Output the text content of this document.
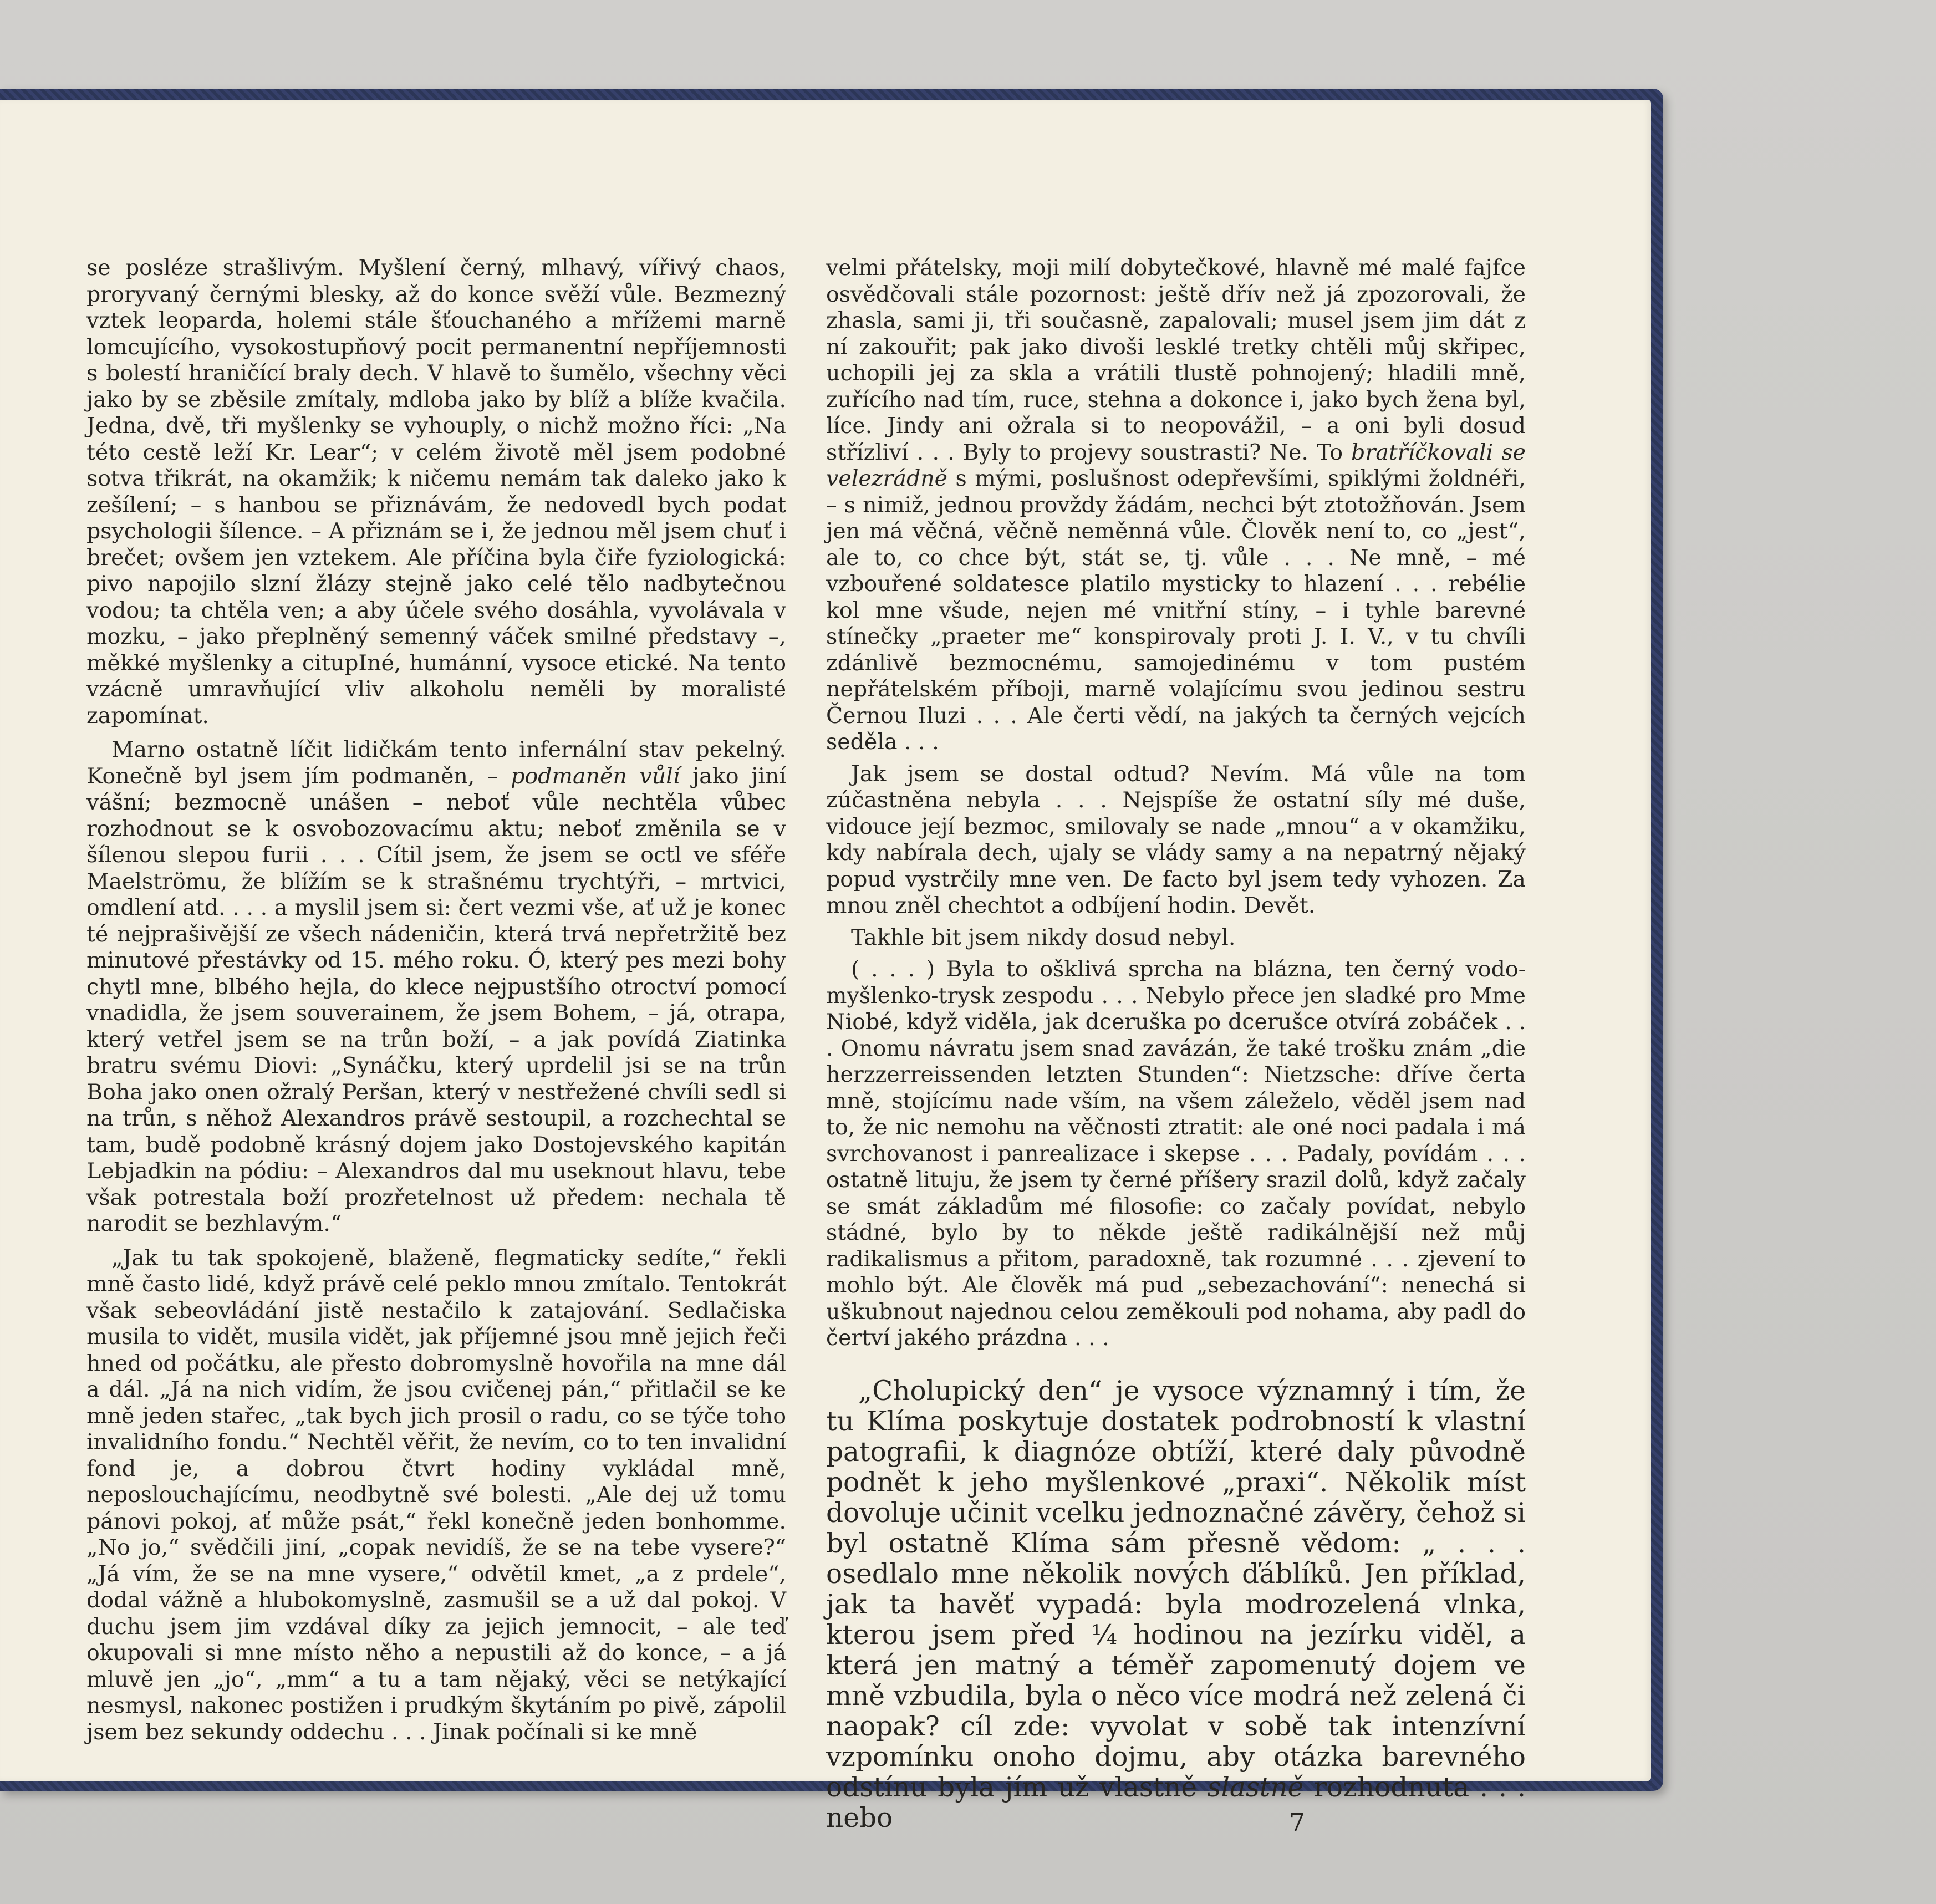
se posléze strašlivým. Myšlení černý, mlhavý, vířivý chaos, proryvaný černými blesky, až do konce svěží vůle. Bezmezný vztek leoparda, holemi stále šťouchaného a mřížemi marně lomcujícího, vysokostupňový pocit permanentní nepříjemnosti s bolestí hraničící braly dech. V hlavě to šumělo, všechny věci jako by se zběsile zmítaly, mdloba jako by blíž a blíže kvačila. Jedna, dvě, tři myšlenky se vyhouply, o nichž možno říci: „Na této cestě leží Kr. Lear“; v celém životě měl jsem podobné sotva třikrát, na okamžik; k ničemu nemám tak daleko jako k zešílení; – s hanbou se přiznávám, že nedovedl bych podat psychologii šílence. – A přiznám se i, že jednou měl jsem chuť i brečet; ovšem jen vztekem. Ale příčina byla čiře fyziologická: pivo napojilo slzní žlázy stejně jako celé tělo nadbytečnou vodou; ta chtěla ven; a aby účele svého dosáhla, vyvolávala v mozku, – jako přeplněný semenný váček smilné představy –, měkké myšlenky a citupIné, humánní, vysoce etické. Na tento vzácně umravňující vliv alkoholu neměli by moralisté zapomínat.

Marno ostatně líčit lidičkám tento infernální stav pekelný. Konečně byl jsem jím podmaněn, – podmaněn vůlí jako jiní vášní; bezmocně unášen – neboť vůle nechtěla vůbec rozhodnout se k osvobozovacímu aktu; neboť změnila se v šílenou slepou furii . . . Cítil jsem, že jsem se octl ve sféře Maelströmu, že blížím se k strašnému trychtýři, – mrtvici, omdlení atd. . . . a myslil jsem si: čert vezmi vše, ať už je konec té nejprašivější ze všech nádeničin, která trvá nepřetržitě bez minutové přestávky od 15. mého roku. Ó, který pes mezi bohy chytl mne, blbého hejla, do klece nejpustšího otroctví pomocí vnadidla, že jsem souverainem, že jsem Bohem, – já, otrapa, který vetřel jsem se na trůn boží, – a jak povídá Ziatinka bratru svému Diovi: „Synáčku, který uprdelil jsi se na trůn Boha jako onen ožralý Peršan, který v nestřežené chvíli sedl si na trůn, s něhož Alexandros právě sestoupil, a rozchechtal se tam, budě podobně krásný dojem jako Dostojevského kapitán Lebjadkin na pódiu: – Alexandros dal mu useknout hlavu, tebe však potrestala boží prozřetelnost už předem: nechala tě narodit se bezhlavým.“

„Jak tu tak spokojeně, blaženě, flegmaticky sedíte,“ řekli mně často lidé, když právě celé peklo mnou zmítalo. Tentokrát však sebeovládání jistě nestačilo k zatajování. Sedlačiska musila to vidět, musila vidět, jak příjemné jsou mně jejich řeči hned od počátku, ale přesto dobromyslně hovořila na mne dál a dál. „Já na nich vidím, že jsou cvičenej pán,“ přitlačil se ke mně jeden stařec, „tak bych jich prosil o radu, co se týče toho invalidního fondu.“ Nechtěl věřit, že nevím, co to ten invalidní fond je, a dobrou čtvrt hodiny vykládal mně, neposlouchajícímu, neodbytně své bolesti. „Ale dej už tomu pánovi pokoj, ať může psát,“ řekl konečně jeden bonhomme. „No jo,“ svědčili jiní, „copak nevidíš, že se na tebe vysere?“ „Já vím, že se na mne vysere,“ odvětil kmet, „a z prdele“, dodal vážně a hlubokomyslně, zasmušil se a už dal pokoj. V duchu jsem jim vzdával díky za jejich jemnocit, – ale teď okupovali si mne místo něho a nepustili až do konce, – a já mluvě jen „jo“, „mm“ a tu a tam nějaký, věci se netýkající nesmysl, nakonec postižen i prudkým škytáním po pivě, zápolil jsem bez sekundy oddechu . . . Jinak počínali si ke mně

velmi přátelsky, moji milí dobytečkové, hlavně mé malé fajfce osvědčovali stále pozornost: ještě dřív než já zpozorovali, že zhasla, sami ji, tři současně, zapalovali; musel jsem jim dát z ní zakouřit; pak jako divoši lesklé tretky chtěli můj skřipec, uchopili jej za skla a vrátili tlustě pohnojený; hladili mně, zuřícího nad tím, ruce, stehna a dokonce i, jako bych žena byl, líce. Jindy ani ožrala si to neopovážil, – a oni byli dosud střízliví . . . Byly to projevy soustrasti? Ne. To bratříčkovali se velezrádně s mými, poslušnost odepřevšími, spiklými žoldnéři, – s nimiž, jednou provždy žádám, nechci být ztotožňován. Jsem jen má věčná, věčně neměnná vůle. Člověk není to, co „jest“, ale to, co chce být, stát se, tj. vůle . . . Ne mně, – mé vzbouřené soldatesce platilo mysticky to hlazení . . . rebélie kol mne všude, nejen mé vnitřní stíny, – i tyhle barevné stínečky „praeter me“ konspirovaly proti J. I. V., v tu chvíli zdánlivě bezmocnému, samojedinému v tom pustém nepřátelském příboji, marně volajícímu svou jedinou sestru Černou Iluzi . . . Ale čerti vědí, na jakých ta černých vejcích seděla . . .

Jak jsem se dostal odtud? Nevím. Má vůle na tom zúčastněna nebyla . . . Nejspíše že ostatní síly mé duše, vidouce její bezmoc, smilovaly se nade „mnou“ a v okamžiku, kdy nabírala dech, ujaly se vlády samy a na nepatrný nějaký popud vystrčily mne ven. De facto byl jsem tedy vyhozen. Za mnou zněl chechtot a odbíjení hodin. Devět.

Takhle bit jsem nikdy dosud nebyl.

( . . . ) Byla to ošklivá sprcha na blázna, ten černý vodo-myšlenko-trysk zespodu . . . Nebylo přece jen sladké pro Mme Niobé, když viděla, jak dceruška po dcerušce otvírá zobáček . . . Onomu návratu jsem snad zavázán, že také trošku znám „die herzzerreissenden letzten Stunden“: Nietzsche: dříve čerta mně, stojícímu nade vším, na všem záleželo, věděl jsem nad to, že nic nemohu na věčnosti ztratit: ale oné noci padala i má svrchovanost i panrealizace i skepse . . . Padaly, povídám . . . ostatně lituju, že jsem ty černé příšery srazil dolů, když začaly se smát základům mé filosofie: co začaly povídat, nebylo stádné, bylo by to někde ještě radikálnější než můj radikalismus a přitom, paradoxně, tak rozumné . . . zjevení to mohlo být. Ale člověk má pud „sebezachování“: nenechá si uškubnout najednou celou zeměkouli pod nohama, aby padl do čertví jakého prázdna . . .

„Cholupický den“ je vysoce významný i tím, že tu Klíma poskytuje dostatek podrobností k vlastní patografii, k diagnóze obtíží, které daly původně podnět k jeho myšlenkové „praxi“. Několik míst dovoluje učinit vcelku jednoznačné závěry, čehož si byl ostatně Klíma sám přesně vědom: „ . . . osedlalo mne několik nových ďáblíků. Jen příklad, jak ta havěť vypadá: byla modrozelená vlnka, kterou jsem před ¼ hodinou na jezírku viděl, a která jen matný a téměř zapomenutý dojem ve mně vzbudila, byla o něco více modrá než zelená či naopak? cíl zde: vyvolat v sobě tak intenzívní vzpomínku onoho dojmu, aby otázka barevného odstínu byla jím už vlastně slastně rozhodnuta . . . nebo	7
